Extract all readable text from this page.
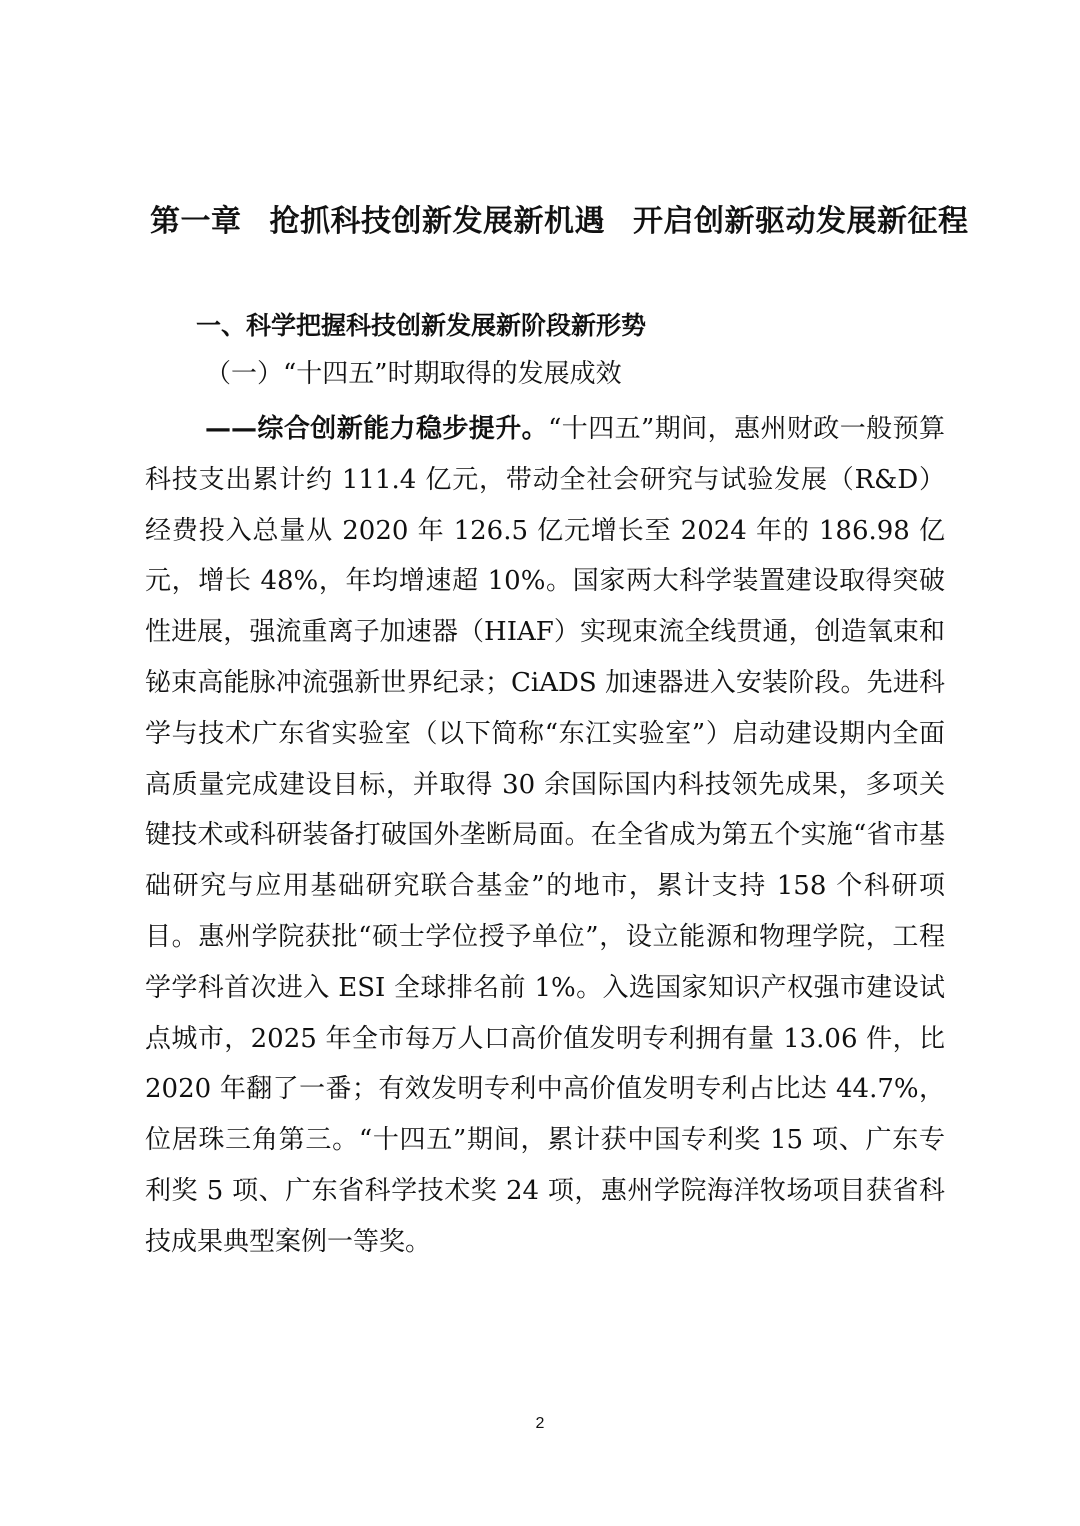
第一章 抢抓科技创新发展新机遇 开启创新驱动发展新征程
一、科学把握科技创新发展新阶段新形势
（一）“十四五”时期取得的发展成效

——综合创新能力稳步提升。“十四五”期间，惠州财政一般预算科技支出累计约 111.4 亿元，带动全社会研究与试验发展（R&D）经费投入总量从 2020 年 126.5 亿元增长至 2024 年的 186.98 亿元，增长 48%，年均增速超 10%。国家两大科学装置建设取得突破性进展，强流重离子加速器（HIAF）实现束流全线贯通，创造氧束和铋束高能脉冲流强新世界纪录；CiADS 加速器进入安装阶段。先进科学与技术广东省实验室（以下简称“东江实验室”）启动建设期内全面高质量完成建设目标，并取得 30 余国际国内科技领先成果，多项关键技术或科研装备打破国外垄断局面。在全省成为第五个实施“省市基础研究与应用基础研究联合基金”的地市，累计支持 158 个科研项目。惠州学院获批“硕士学位授予单位”，设立能源和物理学院，工程学学科首次进入 ESI 全球排名前 1%。入选国家知识产权强市建设试点城市，2025 年全市每万人口高价值发明专利拥有量 13.06 件，比 2020 年翻了一番；有效发明专利中高价值发明专利占比达 44.7%，位居珠三角第三。“十四五”期间，累计获中国专利奖 15 项、广东专利奖 5 项、广东省科学技术奖 24 项，惠州学院海洋牧场项目获省科技成果典型案例一等奖。

2
